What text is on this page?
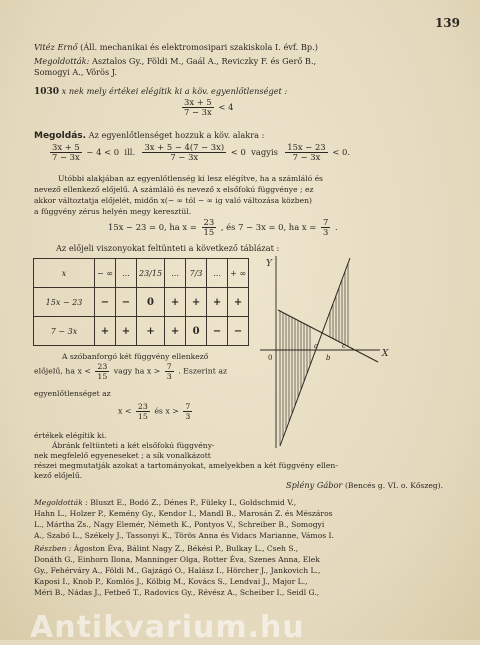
139
Vitéz Ernő (Áll. mechanikai és elektromosipari szakiskola I. évf. Bp.)
Megoldották: Asztalos Gy., Földi M., Gaál A., Reviczky F. és Gerő B.,
Somogyi A., Vörös J.
1030 x nek mely értékei elégítik ki a köv. egyenlőtlenséget :
$\frac{3x + 5}{7 - 3x} < 4$
Megoldás. Az egyenlőtlenséget hozzuk a köv. alakra :
$\frac{3x + 5}{7 - 3x} - 4 < 0$ ill. $\frac{3x + 5 - 4(7 - 3x)}{7 - 3x} < 0$ vagyis $\frac{15x - 23}{7 - 3x} < 0$.
Utóbbi alakjában az egyenlőtlenség ki lesz elégítve, ha a számláló és
nevező ellenkező előjelű. A számláló és nevező x elsőfokú függvénye ; ez
akkor változtatja előjelét, midőn x(− ∞ tól − ∞ ig való változása közben)
a függvény zérus helyén megy keresztül.
15x − 23 = 0, ha $x = \frac{23}{15}$ , és 7 − 3x = 0, ha $x = \frac{7}{3}$ .
Az előjeli viszonyokat feltünteti a következő táblázat :
x	− ∞	...	23/15	...	7/3	...	+ ∞
15x − 23	−	−	0	+	+	+	+
7 − 3x	+	+	+	+	0	−	−
Y
X
0
a
b
c
A szóbanforgó két függvény ellenkező
előjelű, ha $x < \frac{23}{15}$ vagy ha $x > \frac{7}{3}$ . Eszerint az
egyenlőtlenséget az
$x < \frac{23}{15}$ és $x > \frac{7}{3}$
értékek elégítik ki.
Ábránk feltünteti a két elsőfokú függvény-
nek megfelelő egyeneseket ; a sík vonalkázott
részei megmutatják azokat a tartományokat, amelyekben a két függvény ellen-
kező előjelű.
Splény Gábor (Bencés g. VI. o. Kőszeg).
Megoldották : Bluszt E., Bodó Z., Dénes P., Füleky I., Goldschmid V.,
Hahn L., Holzer P., Kemény Gy., Kendor I., Mandl B., Marosán Z. és Mészáros
L., Mártha Zs., Nagy Elemér, Németh K., Pontyos V., Schreiber B., Somogyi
A., Szabó L., Székely J., Tassonyi K., Törös Anna és Vidacs Marianne, Vámos I.
Részben : Ágoston Éva, Bálint Nagy Z., Békési P., Bulkay L., Cseh S.,
Donáth G., Einhorn Ilona, Manninger Olga, Rotter Éva, Szenes Anna, Elek
Gy., Fehérváry A., Földi M., Gajzágó O., Halász I., Hörcher J., Jankovich L.,
Kaposi I., Knob P., Komlós J., Kölbig M., Kovács S., Lendvai J., Major L.,
Méri B., Nádas J., Fetbeő T., Radovics Gy., Révész A., Scheiber I., Seidl G.,
Antikvarium.hu
